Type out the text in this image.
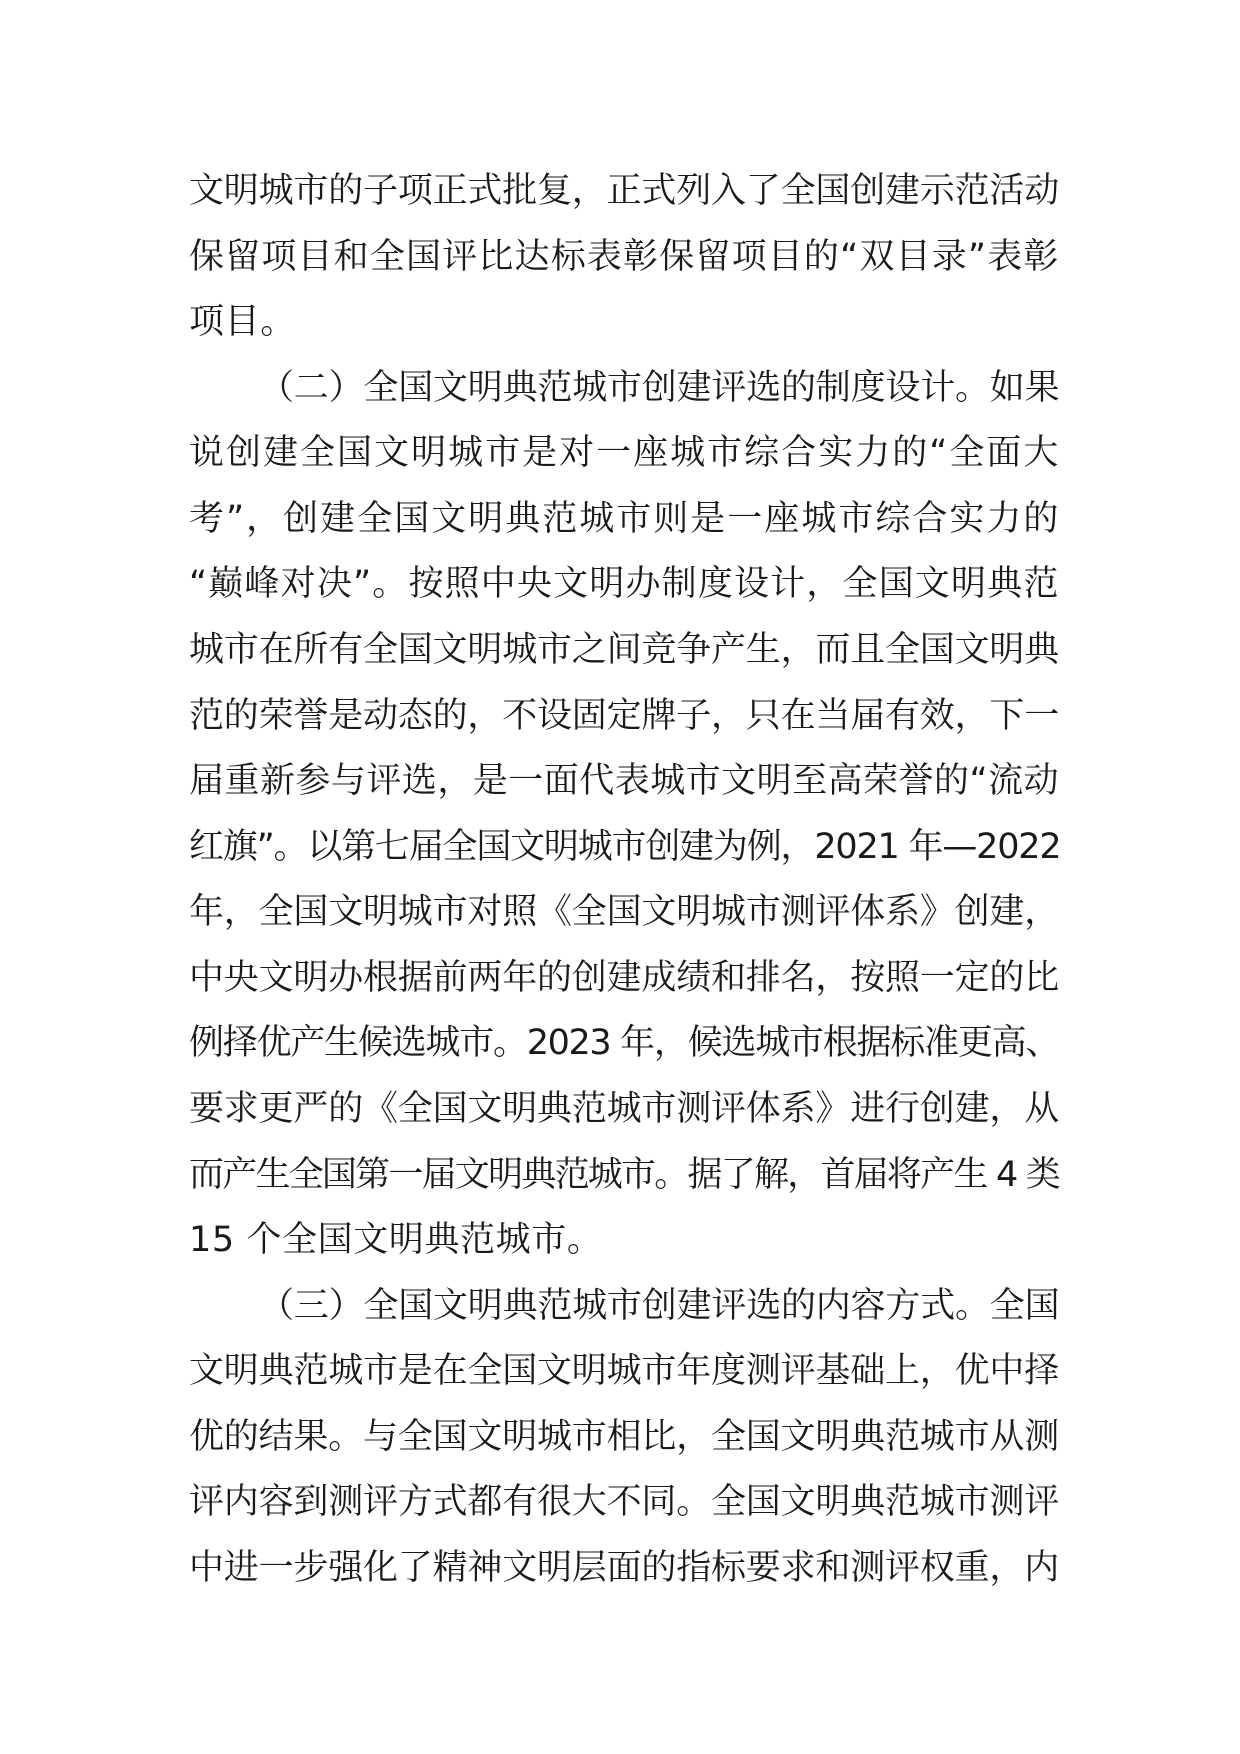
文明城市的子项正式批复，正式列入了全国创建示范活动
保留项目和全国评比达标表彰保留项目的“双目录”表彰
项目。
（二）全国文明典范城市创建评选的制度设计。如果
说创建全国文明城市是对一座城市综合实力的“全面大
考”，创建全国文明典范城市则是一座城市综合实力的
“巅峰对决”。按照中央文明办制度设计，全国文明典范
城市在所有全国文明城市之间竞争产生，而且全国文明典
范的荣誉是动态的，不设固定牌子，只在当届有效，下一
届重新参与评选，是一面代表城市文明至高荣誉的“流动
红旗”。以第七届全国文明城市创建为例，2021 年—2022
年，全国文明城市对照《全国文明城市测评体系》创建，
中央文明办根据前两年的创建成绩和排名，按照一定的比
例择优产生候选城市。2023 年，候选城市根据标准更高、
要求更严的《全国文明典范城市测评体系》进行创建，从
而产生全国第一届文明典范城市。据了解，首届将产生 4 类
15 个全国文明典范城市。
（三）全国文明典范城市创建评选的内容方式。全国
文明典范城市是在全国文明城市年度测评基础上，优中择
优的结果。与全国文明城市相比，全国文明典范城市从测
评内容到测评方式都有很大不同。全国文明典范城市测评
中进一步强化了精神文明层面的指标要求和测评权重，内
